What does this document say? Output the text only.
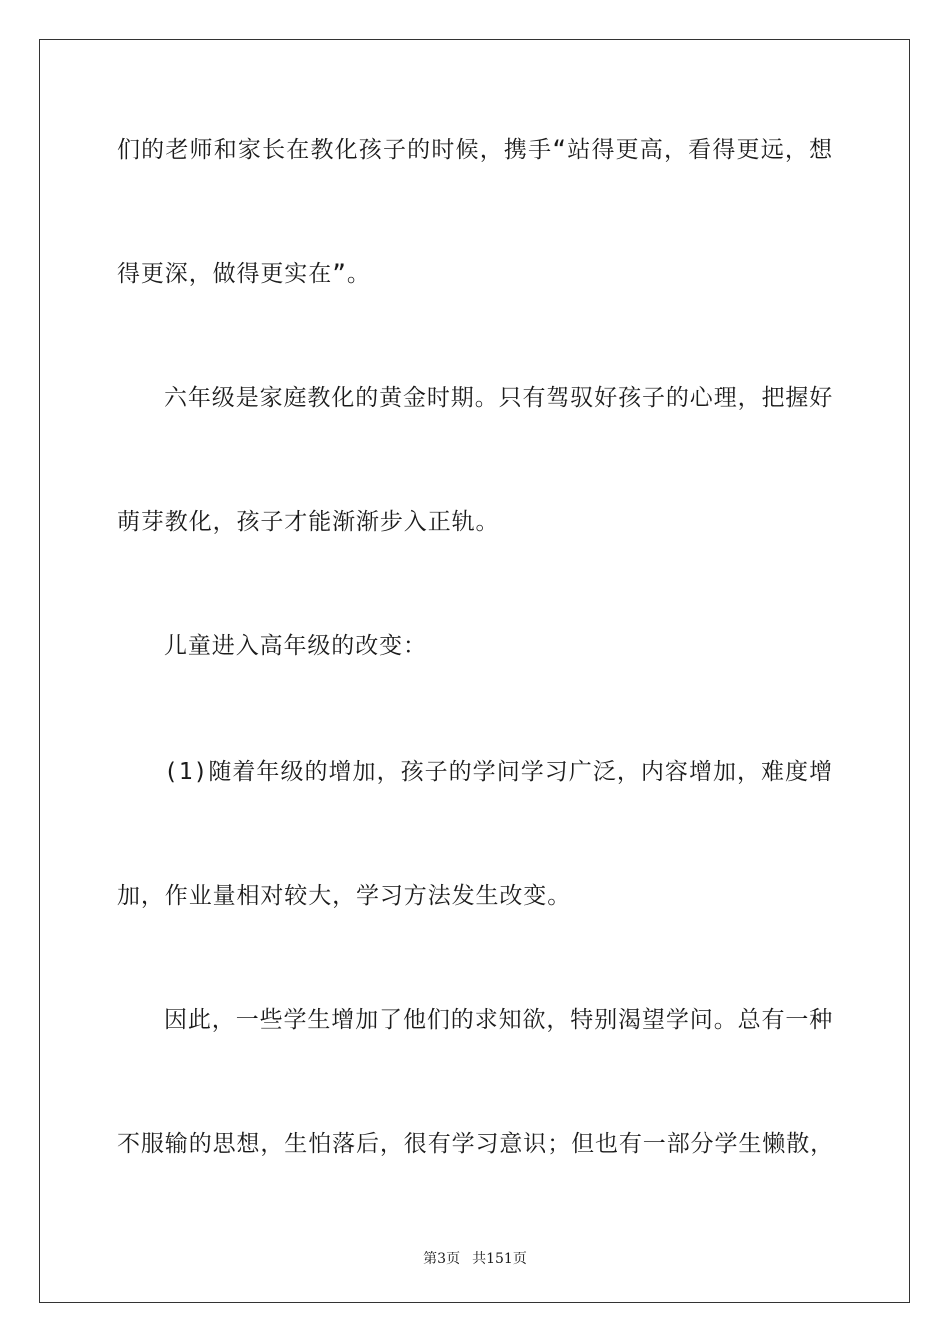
们的老师和家长在教化孩子的时候，携手“站得更高，看得更远，想
得更深，做得更实在”。
六年级是家庭教化的黄金时期。只有驾驭好孩子的心理，把握好
萌芽教化，孩子才能渐渐步入正轨。
儿童进入高年级的改变：
(1)随着年级的增加，孩子的学问学习广泛，内容增加，难度增
加，作业量相对较大，学习方法发生改变。
因此，一些学生增加了他们的求知欲，特别渴望学问。总有一种
不服输的思想，生怕落后，很有学习意识；但也有一部分学生懒散，
第3页 共151页
